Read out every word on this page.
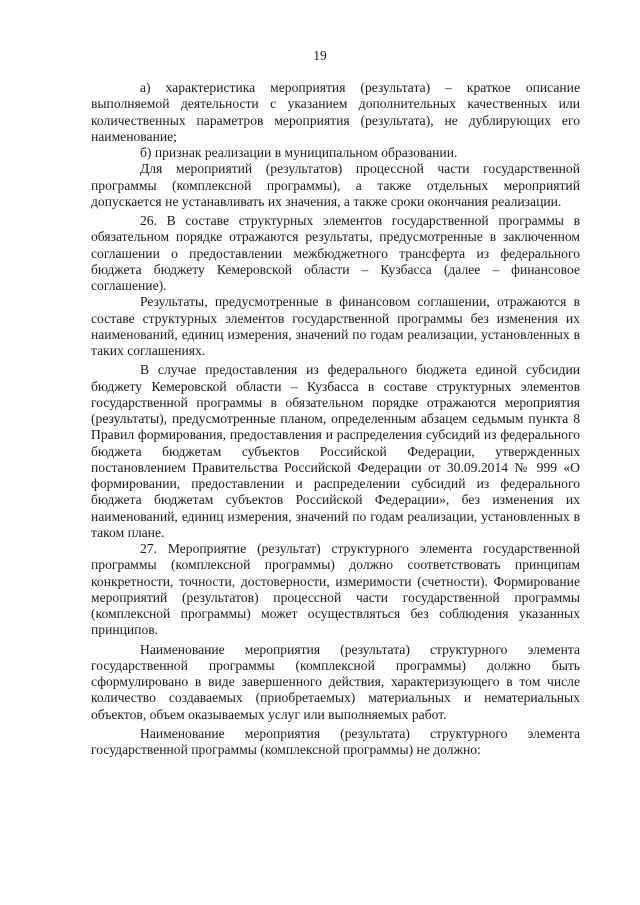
19

а) характеристика мероприятия (результата) – краткое описание выполняемой деятельности с указанием дополнительных качественных или количественных параметров мероприятия (результата), не дублирующих его наименование;

б) признак реализации в муниципальном образовании.

Для мероприятий (результатов) процессной части государственной программы (комплексной программы), а также отдельных мероприятий допускается не устанавливать их значения, а также сроки окончания реализации.

26. В составе структурных элементов государственной программы в обязательном порядке отражаются результаты, предусмотренные в заключенном соглашении о предоставлении межбюджетного трансферта из федерального бюджета бюджету Кемеровской области – Кузбасса (далее – финансовое соглашение).

Результаты, предусмотренные в финансовом соглашении, отражаются в составе структурных элементов государственной программы без изменения их наименований, единиц измерения, значений по годам реализации, установленных в таких соглашениях.

В случае предоставления из федерального бюджета единой субсидии бюджету Кемеровской области – Кузбасса в составе структурных элементов государственной программы в обязательном порядке отражаются мероприятия (результаты), предусмотренные планом, определенным абзацем седьмым пункта 8 Правил формирования, предоставления и распределения субсидий из федерального бюджета бюджетам субъектов Российской Федерации, утвержденных постановлением Правительства Российской Федерации от 30.09.2014 № 999 «О формировании, предоставлении и распределении субсидий из федерального бюджета бюджетам субъектов Российской Федерации», без изменения их наименований, единиц измерения, значений по годам реализации, установленных в таком плане.

27. Мероприятие (результат) структурного элемента государственной программы (комплексной программы) должно соответствовать принципам конкретности, точности, достоверности, измеримости (счетности). Формирование мероприятий (результатов) процессной части государственной программы (комплексной программы) может осуществляться без соблюдения указанных принципов.

Наименование мероприятия (результата) структурного элемента государственной программы (комплексной программы) должно быть сформулировано в виде завершенного действия, характеризующего в том числе количество создаваемых (приобретаемых) материальных и нематериальных объектов, объем оказываемых услуг или выполняемых работ.

Наименование мероприятия (результата) структурного элемента государственной программы (комплексной программы) не должно:
